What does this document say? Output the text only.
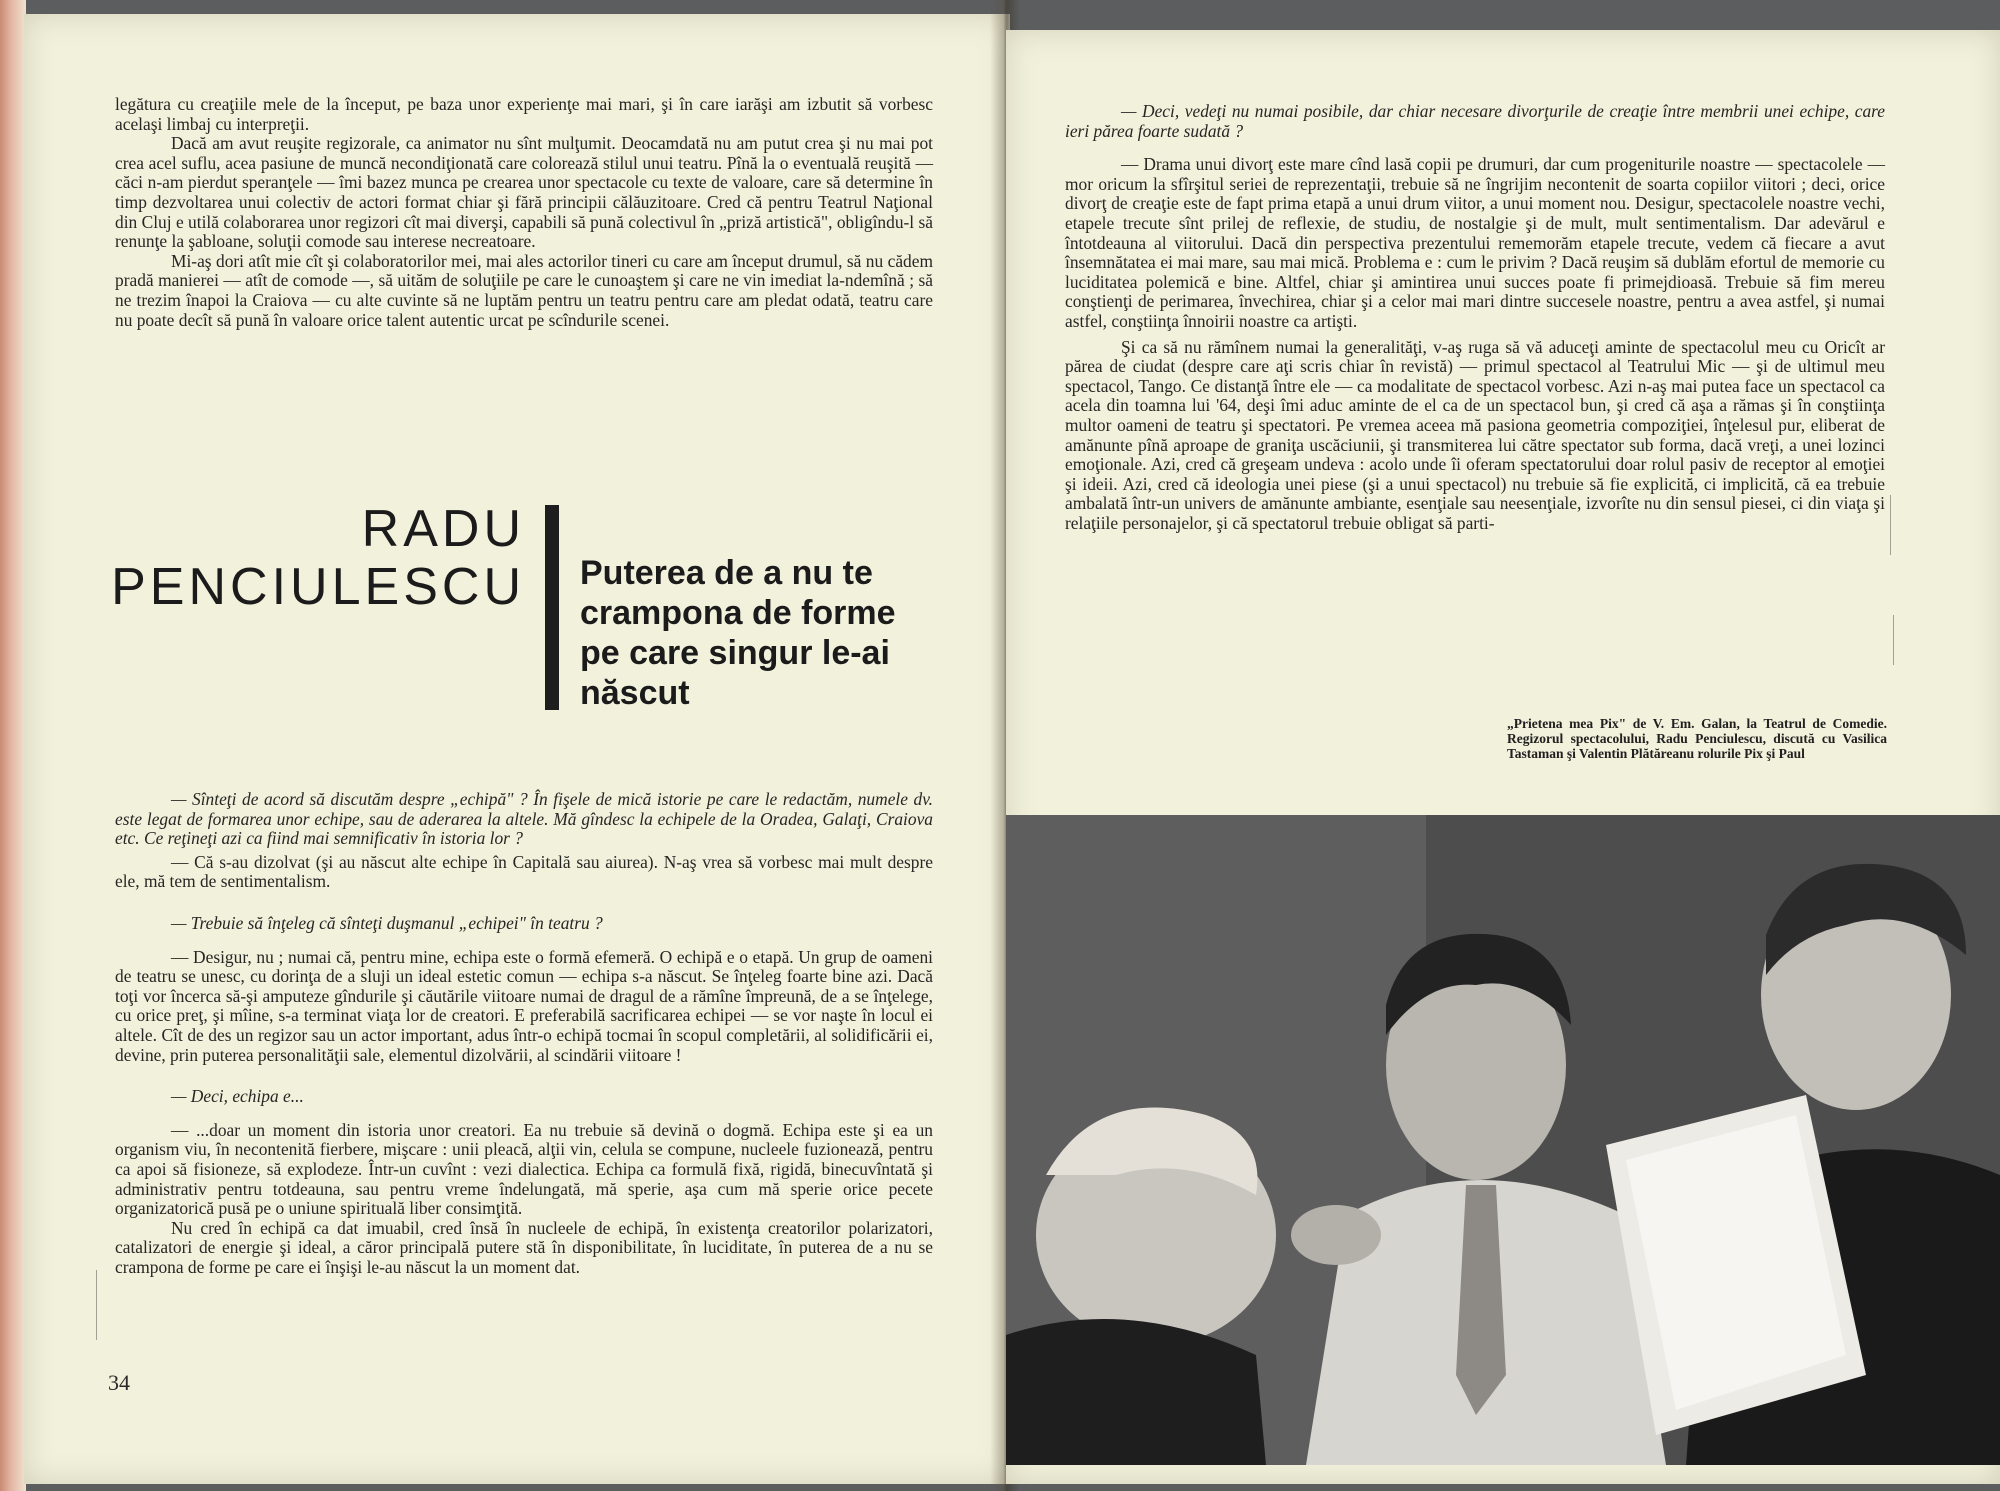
legătura cu creaţiile mele de la început, pe baza unor experienţe mai mari, şi în care iarăşi am izbutit să vorbesc acelaşi limbaj cu interpreţii.

Dacă am avut reuşite regizorale, ca animator nu sînt mulţumit. Deocamdată nu am putut crea şi nu mai pot crea acel suflu, acea pasiune de muncă necondiţionată care colorează stilul unui teatru. Pînă la o eventuală reuşită — căci n-am pierdut speranţele — îmi bazez munca pe crearea unor spectacole cu texte de valoare, care să determine în timp dezvoltarea unui colectiv de actori format chiar şi fără principii călăuzitoare. Cred că pentru Teatrul Naţional din Cluj e utilă colaborarea unor regizori cît mai diverşi, capabili să pună colectivul în „priză artistică", obligîndu-l să renunţe la şabloane, soluţii comode sau interese necreatoare.

Mi-aş dori atît mie cît şi colaboratorilor mei, mai ales actorilor tineri cu care am început drumul, să nu cădem pradă manierei — atît de comode —, să uităm de soluţiile pe care le cunoaştem şi care ne vin imediat la-ndemînă ; să ne trezim înapoi la Craiova — cu alte cuvinte să ne luptăm pentru un teatru pentru care am pledat odată, teatru care nu poate decît să pună în valoare orice talent autentic urcat pe scîndurile scenei.

RADU
PENCIULESCU Puterea de a nu te crampona de forme pe care singur le-ai născut

— Sînteţi de acord să discutăm despre „echipă" ? În fişele de mică istorie pe care le redactăm, numele dv. este legat de formarea unor echipe, sau de aderarea la altele. Mă gîndesc la echipele de la Oradea, Galaţi, Craiova etc. Ce reţineţi azi ca fiind mai semnificativ în istoria lor ?

— Că s-au dizolvat (şi au născut alte echipe în Capitală sau aiurea). N-aş vrea să vorbesc mai mult despre ele, mă tem de sentimentalism.

— Trebuie să înţeleg că sînteţi duşmanul „echipei" în teatru ?

— Desigur, nu ; numai că, pentru mine, echipa este o formă efemeră. O echipă e o etapă. Un grup de oameni de teatru se unesc, cu dorinţa de a sluji un ideal estetic comun — echipa s-a născut. Se înţeleg foarte bine azi. Dacă toţi vor încerca să-şi amputeze gîndurile şi căutările viitoare numai de dragul de a rămîne împreună, de a se înţelege, cu orice preţ, şi mîine, s-a terminat viaţa lor de creatori. E preferabilă sacrificarea echipei — se vor naşte în locul ei altele. Cît de des un regizor sau un actor important, adus într-o echipă tocmai în scopul completării, al solidificării ei, devine, prin puterea personalităţii sale, elementul dizolvării, al scindării viitoare !

— Deci, echipa e...

— ...doar un moment din istoria unor creatori. Ea nu trebuie să devină o dogmă. Echipa este şi ea un organism viu, în necontenită fierbere, mişcare : unii pleacă, alţii vin, celula se compune, nucleele fuzionează, pentru ca apoi să fisioneze, să explodeze. Într-un cuvînt : vezi dialectica. Echipa ca formulă fixă, rigidă, binecuvîntată şi administrativ pentru totdeauna, sau pentru vreme îndelungată, mă sperie, aşa cum mă sperie orice pecete organizatorică pusă pe o uniune spirituală liber consimţită.

Nu cred în echipă ca dat imuabil, cred însă în nucleele de echipă, în existenţa creatorilor polarizatori, catalizatori de energie şi ideal, a căror principală putere stă în disponibilitate, în luciditate, în puterea de a nu se crampona de forme pe care ei înşişi le-au născut la un moment dat.

34

— Deci, vedeţi nu numai posibile, dar chiar necesare divorţurile de creaţie între membrii unei echipe, care ieri părea foarte sudată ?

— Drama unui divorţ este mare cînd lasă copii pe drumuri, dar cum progeniturile noastre — spectacolele — mor oricum la sfîrşitul seriei de reprezentaţii, trebuie să ne îngrijim necontenit de soarta copiilor viitori ; deci, orice divorţ de creaţie este de fapt prima etapă a unui drum viitor, a unui moment nou. Desigur, spectacolele noastre vechi, etapele trecute sînt prilej de reflexie, de studiu, de nostalgie şi de mult, mult sentimentalism. Dar adevărul e întotdeauna al viitorului. Dacă din perspectiva prezentului rememorăm etapele trecute, vedem că fiecare a avut însemnătatea ei mai mare, sau mai mică. Problema e : cum le privim ? Dacă reuşim să dublăm efortul de memorie cu luciditatea polemică e bine. Altfel, chiar şi amintirea unui succes poate fi primejdioasă. Trebuie să fim mereu conştienţi de perimarea, învechirea, chiar şi a celor mai mari dintre succesele noastre, pentru a avea astfel, şi numai astfel, conştiinţa înnoirii noastre ca artişti.

Şi ca să nu rămînem numai la generalităţi, v-aş ruga să vă aduceţi aminte de spectacolul meu cu Oricît ar părea de ciudat (despre care aţi scris chiar în revistă) — primul spectacol al Teatrului Mic — şi de ultimul meu spectacol, Tango. Ce distanţă între ele — ca modalitate de spectacol vorbesc. Azi n-aş mai putea face un spectacol ca acela din toamna lui '64, deşi îmi aduc aminte de el ca de un spectacol bun, şi cred că aşa a rămas şi în conştiinţa multor oameni de teatru şi spectatori. Pe vremea aceea mă pasiona geometria compoziţiei, înţelesul pur, eliberat de amănunte pînă aproape de graniţa uscăciunii, şi transmiterea lui către spectator sub forma, dacă vreţi, a unei lozinci emoţionale. Azi, cred că greşeam undeva : acolo unde îi oferam spectatorului doar rolul pasiv de receptor al emoţiei şi ideii. Azi, cred că ideologia unei piese (şi a unui spectacol) nu trebuie să fie explicită, ci implicită, că ea trebuie ambalată într-un univers de amănunte ambiante, esenţiale sau neesenţiale, izvorîte nu din sensul piesei, ci din viaţa şi relaţiile personajelor, şi că spectatorul trebuie obligat să parti-

„Prietena mea Pix" de V. Em. Galan, la Teatrul de Comedie. Regizorul spectacolului, Radu Penciulescu, discută cu Vasilica Tastaman şi Valentin Plătăreanu rolurile Pix şi Paul
